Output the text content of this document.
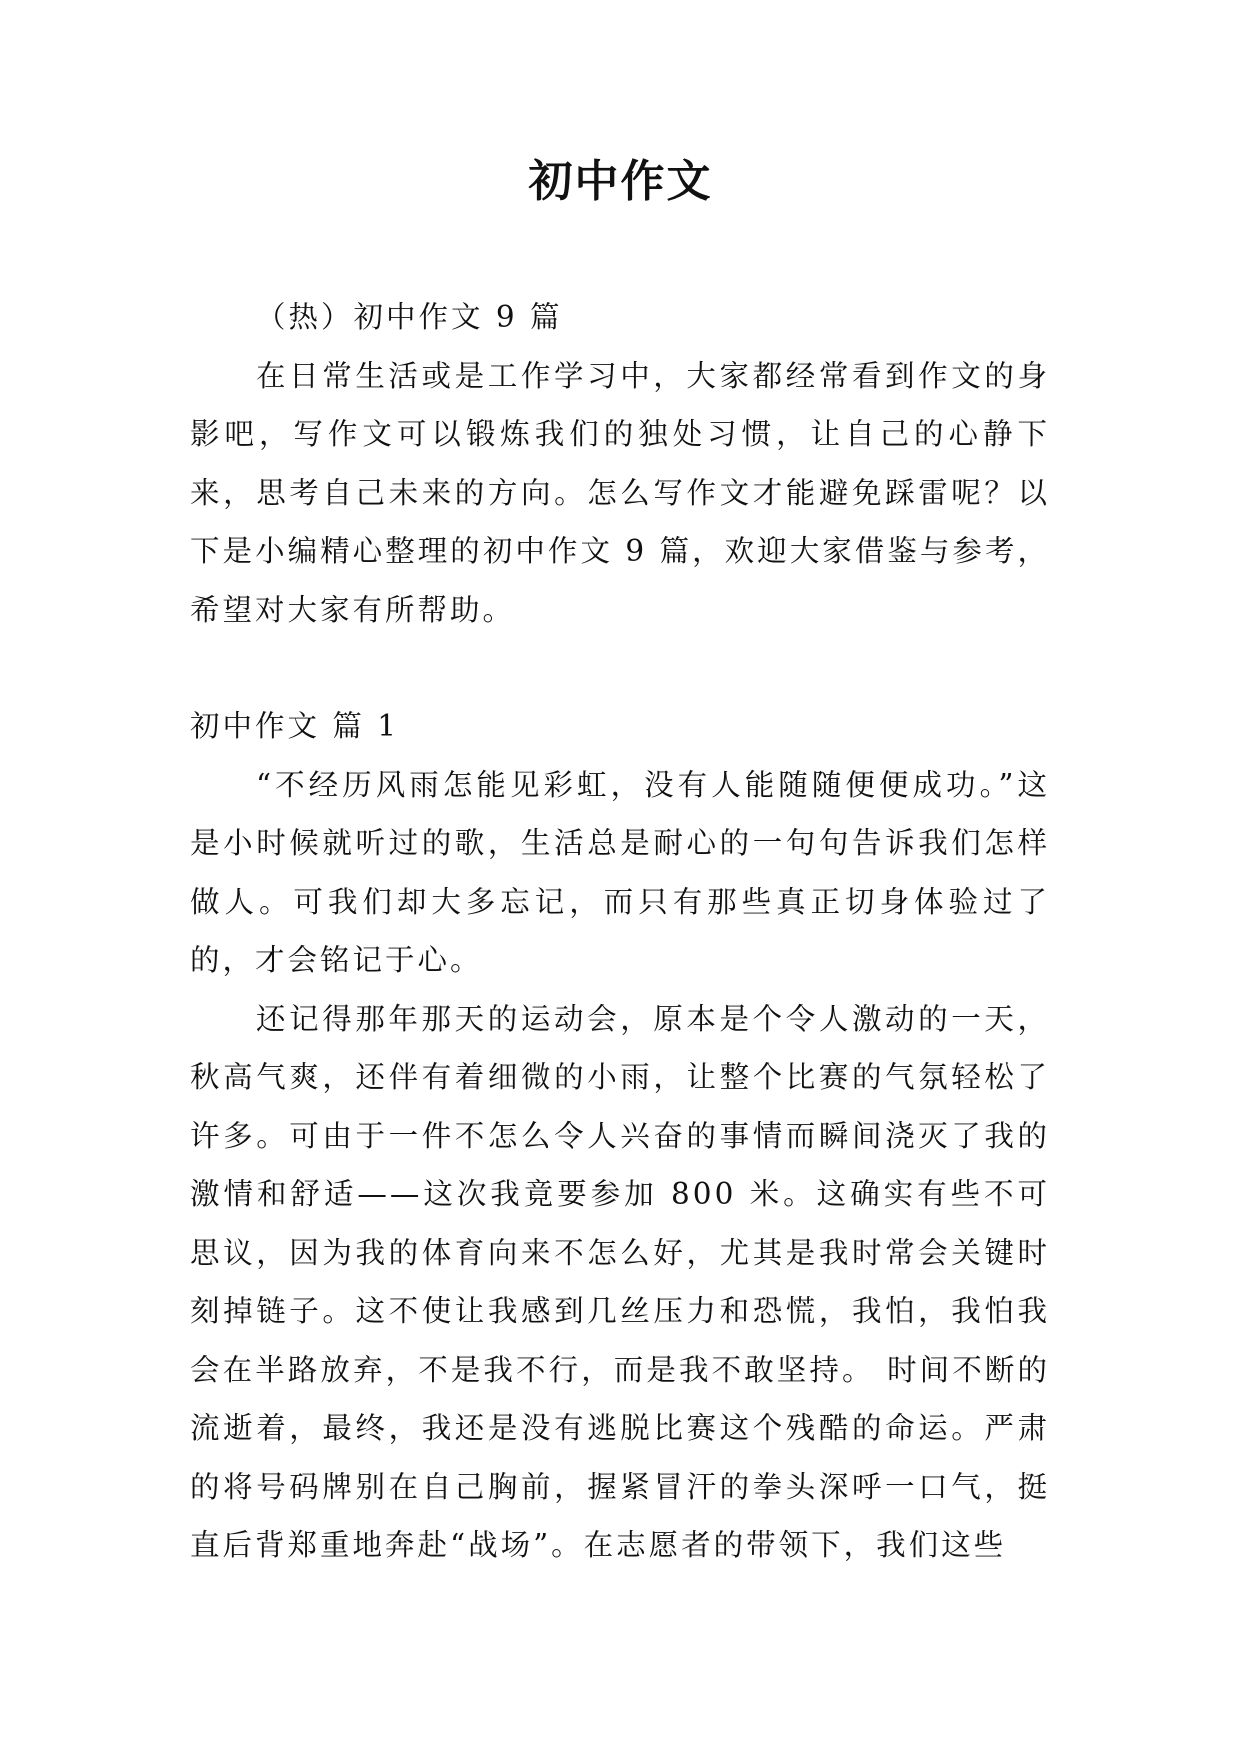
初中作文

（热）初中作文 9 篇

在日常生活或是工作学习中，大家都经常看到作文的身影吧，写作文可以锻炼我们的独处习惯，让自己的心静下来，思考自己未来的方向。怎么写作文才能避免踩雷呢？以下是小编精心整理的初中作文 9 篇，欢迎大家借鉴与参考，希望对大家有所帮助。

初中作文 篇 1

“不经历风雨怎能见彩虹，没有人能随随便便成功。”这是小时候就听过的歌，生活总是耐心的一句句告诉我们怎样做人。可我们却大多忘记，而只有那些真正切身体验过了的，才会铭记于心。

还记得那年那天的运动会，原本是个令人激动的一天，秋高气爽，还伴有着细微的小雨，让整个比赛的气氛轻松了许多。可由于一件不怎么令人兴奋的事情而瞬间浇灭了我的激情和舒适——这次我竟要参加 800 米。这确实有些不可思议，因为我的体育向来不怎么好，尤其是我时常会关键时刻掉链子。这不使让我感到几丝压力和恐慌，我怕，我怕我会在半路放弃，不是我不行，而是我不敢坚持。 时间不断的流逝着，最终，我还是没有逃脱比赛这个残酷的命运。严肃的将号码牌别在自己胸前，握紧冒汗的拳头深呼一口气，挺直后背郑重地奔赴“战场”。在志愿者的带领下，我们这些
